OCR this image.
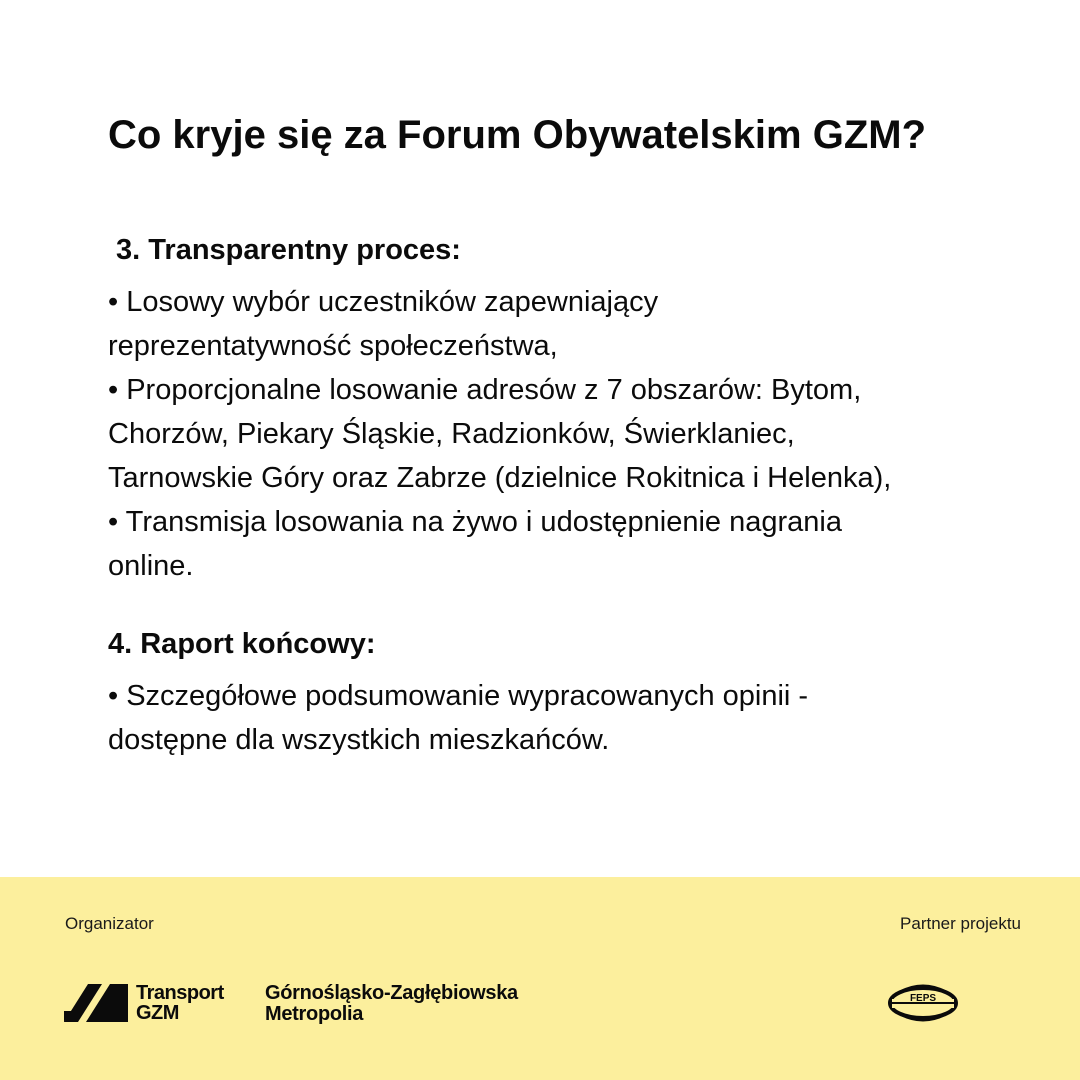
Co kryje się za Forum Obywatelskim GZM?
3. Transparentny proces:
• Losowy wybór uczestników zapewniający
reprezentatywność społeczeństwa,
• Proporcjonalne losowanie adresów z 7 obszarów: Bytom,
Chorzów, Piekary Śląskie, Radzionków, Świerklaniec,
Tarnowskie Góry oraz Zabrze (dzielnice Rokitnica i Helenka),
• Transmisja losowania na żywo i udostępnienie nagrania
online.
4. Raport końcowy:
• Szczegółowe podsumowanie wypracowanych opinii -
dostępne dla wszystkich mieszkańców.
Organizator	Partner projektu
Transport
GZM
Górnośląsko-Zagłębiowska
Metropolia
FEPS
